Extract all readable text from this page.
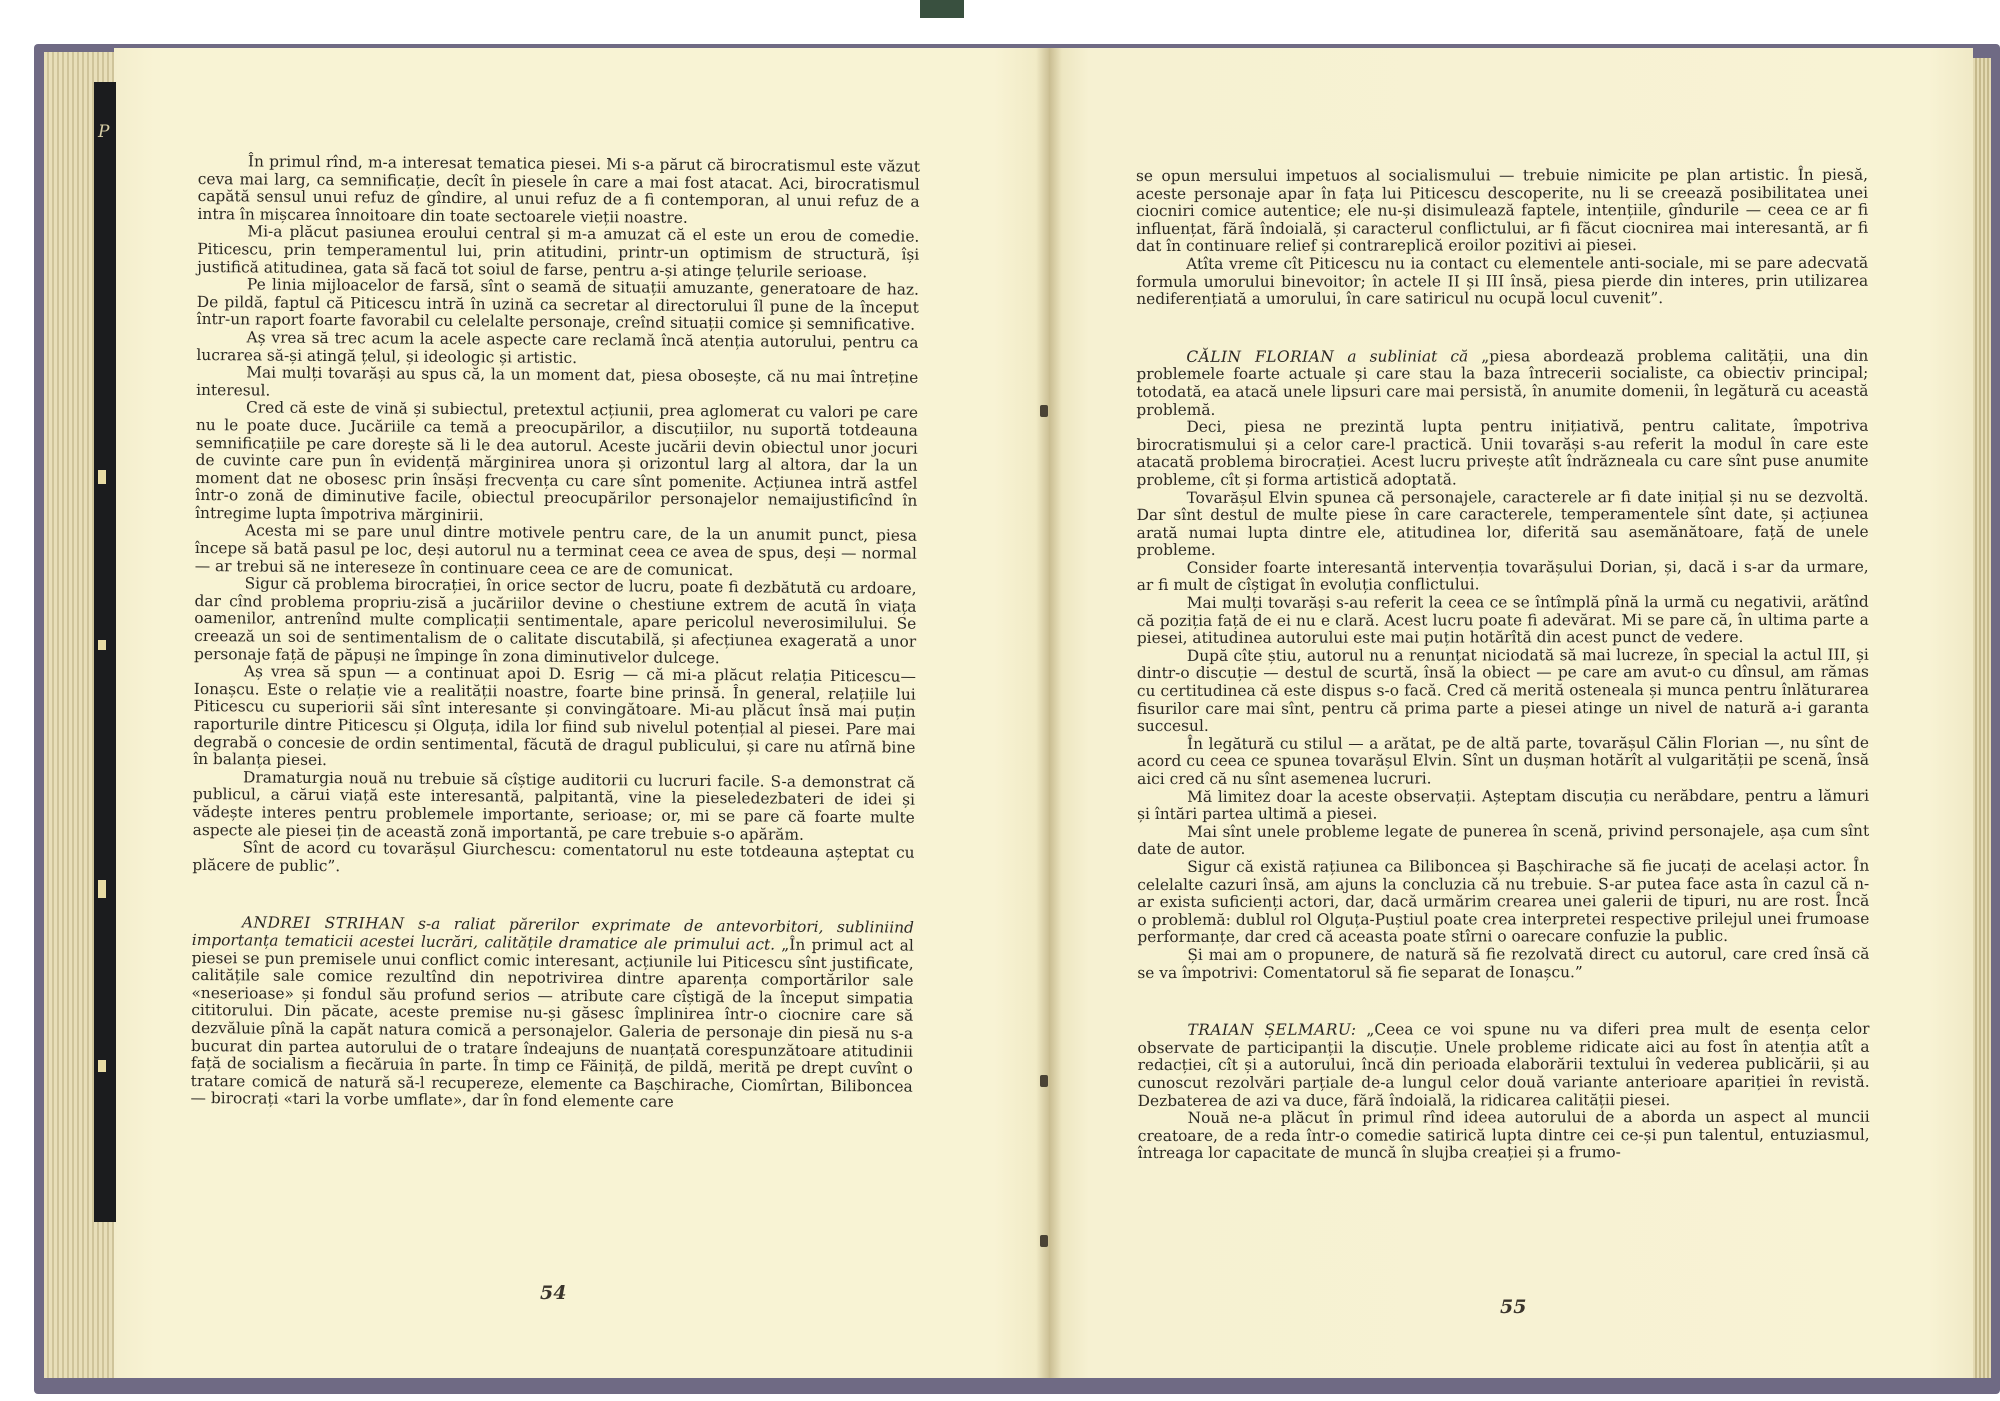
P

În primul rînd, m-a interesat tematica piesei. Mi s-a părut că birocratismul este văzut ceva mai larg, ca semnificație, decît în piesele în care a mai fost atacat. Aci, birocratismul capătă sensul unui refuz de gîndire, al unui refuz de a fi contemporan, al unui refuz de a intra în mișcarea înnoitoare din toate sectoarele vieții noastre.

Mi-a plăcut pasiunea eroului central și m-a amuzat că el este un erou de comedie. Piticescu, prin temperamentul lui, prin atitudini, printr-un optimism de structură, își justifică atitudinea, gata să facă tot soiul de farse, pentru a-și atinge țelurile serioase.

Pe linia mijloacelor de farsă, sînt o seamă de situații amuzante, generatoare de haz. De pildă, faptul că Piticescu intră în uzină ca secretar al directorului îl pune de la început într-un raport foarte favorabil cu celelalte personaje, creînd situații comice și semnificative.

Aș vrea să trec acum la acele aspecte care reclamă încă atenția autorului, pentru ca lucrarea să-și atingă țelul, și ideologic și artistic.

Mai mulți tovarăși au spus că, la un moment dat, piesa obosește, că nu mai întreține interesul.

Cred că este de vină și subiectul, pretextul acțiunii, prea aglomerat cu valori pe care nu le poate duce. Jucăriile ca temă a preocupărilor, a discuțiilor, nu suportă totdeauna semnificațiile pe care dorește să li le dea autorul. Aceste jucării devin obiectul unor jocuri de cuvinte care pun în evidență mărginirea unora și orizontul larg al altora, dar la un moment dat ne obosesc prin însăși frecvența cu care sînt pomenite. Acțiunea intră astfel într-o zonă de diminutive facile, obiectul preocupărilor personajelor nemaijustificînd în întregime lupta împotriva mărginirii.

Acesta mi se pare unul dintre motivele pentru care, de la un anumit punct, piesa începe să bată pasul pe loc, deși autorul nu a terminat ceea ce avea de spus, deși — normal — ar trebui să ne intereseze în continuare ceea ce are de comunicat.

Sigur că problema birocrației, în orice sector de lucru, poate fi dezbătută cu ardoare, dar cînd problema propriu-zisă a jucăriilor devine o chestiune extrem de acută în viața oamenilor, antrenînd multe complicații sentimentale, apare pericolul neverosimilului. Se creează un soi de sentimentalism de o calitate discutabilă, și afecțiunea exagerată a unor personaje față de păpuși ne împinge în zona diminutivelor dulcege.

Aș vrea să spun — a continuat apoi D. Esrig — că mi-a plăcut relația Piticescu—Ionașcu. Este o relație vie a realității noastre, foarte bine prinsă. În general, relațiile lui Piticescu cu superiorii săi sînt interesante și convingătoare. Mi-au plăcut însă mai puțin raporturile dintre Piticescu și Olguța, idila lor fiind sub nivelul potențial al piesei. Pare mai degrabă o concesie de ordin sentimental, făcută de dragul publicului, și care nu atîrnă bine în balanța piesei.

Dramaturgia nouă nu trebuie să cîștige auditorii cu lucruri facile. S-a demonstrat că publicul, a cărui viață este interesantă, palpitantă, vine la pieseledezbateri de idei și vădește interes pentru problemele importante, serioase; or, mi se pare că foarte multe aspecte ale piesei țin de această zonă importantă, pe care trebuie s-o apărăm.

Sînt de acord cu tovarășul Giurchescu: comentatorul nu este totdeauna așteptat cu plăcere de public”.

ANDREI STRIHAN s-a raliat părerilor exprimate de antevorbitori, subliniind importanța tematicii acestei lucrări, calitățile dramatice ale primului act. „În primul act al piesei se pun premisele unui conflict comic interesant, acțiunile lui Piticescu sînt justificate, calitățile sale comice rezultînd din nepotrivirea dintre aparența comportărilor sale «neserioase» și fondul său profund serios — atribute care cîștigă de la început simpatia cititorului. Din păcate, aceste premise nu-și găsesc împlinirea într-o ciocnire care să dezvăluie pînă la capăt natura comică a personajelor. Galeria de personaje din piesă nu s-a bucurat din partea autorului de o tratare îndeajuns de nuanțată corespunzătoare atitudinii față de socialism a fiecăruia în parte. În timp ce Făiniță, de pildă, merită pe drept cuvînt o tratare comică de natură să-l recupereze, elemente ca Bașchirache, Ciomîrtan, Biliboncea — birocrați «tari la vorbe umflate», dar în fond elemente care

se opun mersului impetuos al socialismului — trebuie nimicite pe plan artistic. În piesă, aceste personaje apar în fața lui Piticescu descoperite, nu li se creează posibilitatea unei ciocniri comice autentice; ele nu-și disimulează faptele, intențiile, gîndurile — ceea ce ar fi influențat, fără îndoială, și caracterul conflictului, ar fi făcut ciocnirea mai interesantă, ar fi dat în continuare relief și contrareplică eroilor pozitivi ai piesei.

Atîta vreme cît Piticescu nu ia contact cu elementele anti-sociale, mi se pare adecvată formula umorului binevoitor; în actele II și III însă, piesa pierde din interes, prin utilizarea nediferențiată a umorului, în care satiricul nu ocupă locul cuvenit”.

CĂLIN FLORIAN a subliniat că „piesa abordează problema calității, una din problemele foarte actuale și care stau la baza întrecerii socialiste, ca obiectiv principal; totodată, ea atacă unele lipsuri care mai persistă, în anumite domenii, în legătură cu această problemă.

Deci, piesa ne prezintă lupta pentru inițiativă, pentru calitate, împotriva birocratismului și a celor care-l practică. Unii tovarăși s-au referit la modul în care este atacată problema birocrației. Acest lucru privește atît îndrăzneala cu care sînt puse anumite probleme, cît și forma artistică adoptată.

Tovarășul Elvin spunea că personajele, caracterele ar fi date inițial și nu se dezvoltă. Dar sînt destul de multe piese în care caracterele, temperamentele sînt date, și acțiunea arată numai lupta dintre ele, atitudinea lor, diferită sau asemănătoare, față de unele probleme.

Consider foarte interesantă intervenția tovarășului Dorian, și, dacă i s-ar da urmare, ar fi mult de cîștigat în evoluția conflictului.

Mai mulți tovarăși s-au referit la ceea ce se întîmplă pînă la urmă cu negativii, arătînd că poziția față de ei nu e clară. Acest lucru poate fi adevărat. Mi se pare că, în ultima parte a piesei, atitudinea autorului este mai puțin hotărîtă din acest punct de vedere.

După cîte știu, autorul nu a renunțat niciodată să mai lucreze, în special la actul III, și dintr-o discuție — destul de scurtă, însă la obiect — pe care am avut-o cu dînsul, am rămas cu certitudinea că este dispus s-o facă. Cred că merită osteneala și munca pentru înlăturarea fisurilor care mai sînt, pentru că prima parte a piesei atinge un nivel de natură a-i garanta succesul.

În legătură cu stilul — a arătat, pe de altă parte, tovarășul Călin Florian —, nu sînt de acord cu ceea ce spunea tovarășul Elvin. Sînt un dușman hotărît al vulgarității pe scenă, însă aici cred că nu sînt asemenea lucruri.

Mă limitez doar la aceste observații. Așteptam discuția cu nerăbdare, pentru a lămuri și întări partea ultimă a piesei.

Mai sînt unele probleme legate de punerea în scenă, privind personajele, așa cum sînt date de autor.

Sigur că există rațiunea ca Biliboncea și Bașchirache să fie jucați de același actor. În celelalte cazuri însă, am ajuns la concluzia că nu trebuie. S-ar putea face asta în cazul că n-ar exista suficienți actori, dar, dacă urmărim crearea unei galerii de tipuri, nu are rost. Încă o problemă: dublul rol Olguța-Puștiul poate crea interpretei respective prilejul unei frumoase performanțe, dar cred că aceasta poate stîrni o oarecare confuzie la public.

Și mai am o propunere, de natură să fie rezolvată direct cu autorul, care cred însă că se va împotrivi: Comentatorul să fie separat de Ionașcu.”

TRAIAN ȘELMARU: „Ceea ce voi spune nu va diferi prea mult de esența celor observate de participanții la discuție. Unele probleme ridicate aici au fost în atenția atît a redacției, cît și a autorului, încă din perioada elaborării textului în vederea publicării, și au cunoscut rezolvări parțiale de-a lungul celor două variante anterioare apariției în revistă. Dezbaterea de azi va duce, fără îndoială, la ridicarea calității piesei.

Nouă ne-a plăcut în primul rînd ideea autorului de a aborda un aspect al muncii creatoare, de a reda într-o comedie satirică lupta dintre cei ce-și pun talentul, entuziasmul, întreaga lor capacitate de muncă în slujba creației și a frumo-

54
55
